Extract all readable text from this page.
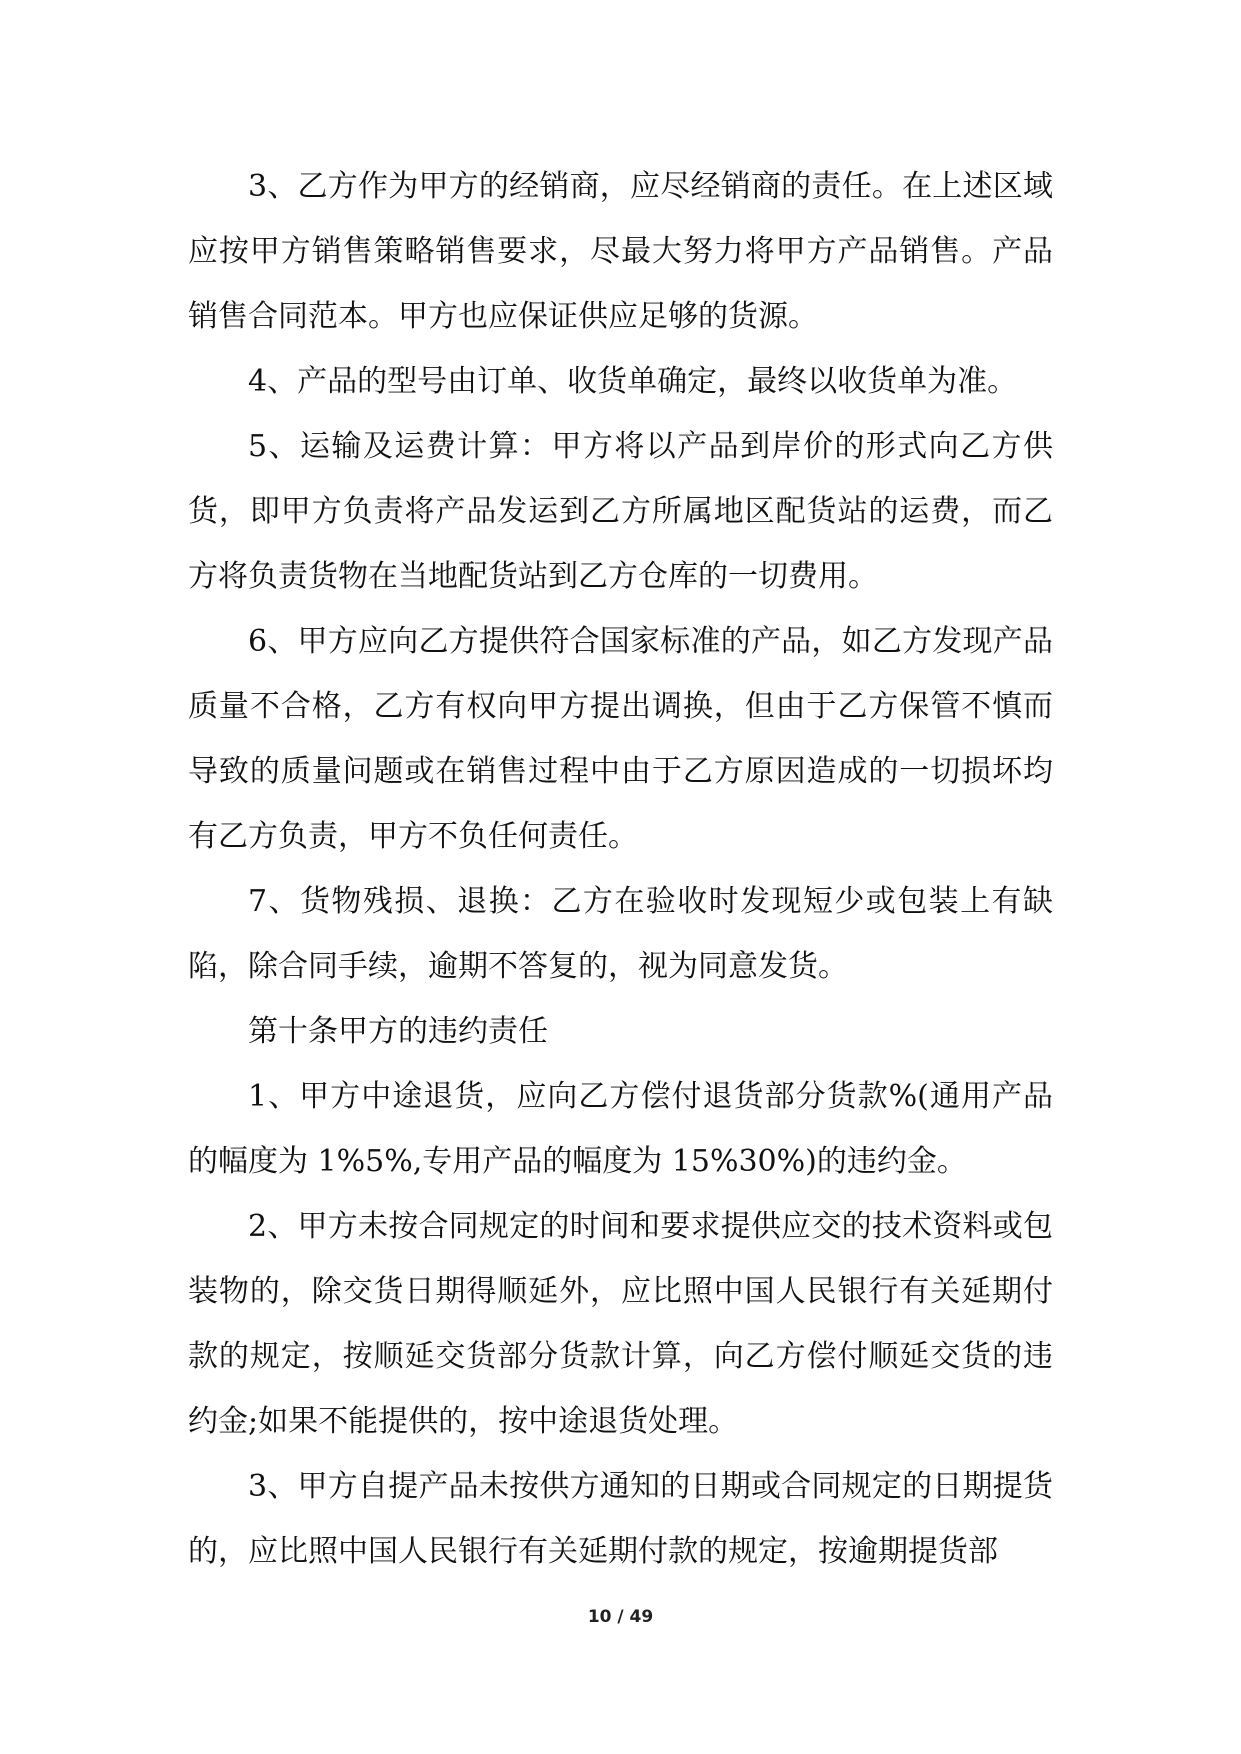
3、乙方作为甲方的经销商，应尽经销商的责任。在上述区域应按甲方销售策略销售要求，尽最大努力将甲方产品销售。产品销售合同范本。甲方也应保证供应足够的货源。

4、产品的型号由订单、收货单确定，最终以收货单为准。

5、运输及运费计算：甲方将以产品到岸价的形式向乙方供货，即甲方负责将产品发运到乙方所属地区配货站的运费，而乙方将负责货物在当地配货站到乙方仓库的一切费用。

6、甲方应向乙方提供符合国家标准的产品，如乙方发现产品质量不合格，乙方有权向甲方提出调换，但由于乙方保管不慎而导致的质量问题或在销售过程中由于乙方原因造成的一切损坏均有乙方负责，甲方不负任何责任。

7、货物残损、退换：乙方在验收时发现短少或包装上有缺陷，除合同手续，逾期不答复的，视为同意发货。

第十条甲方的违约责任

1、甲方中途退货，应向乙方偿付退货部分货款%(通用产品的幅度为 1%5%,专用产品的幅度为 15%30%)的违约金。

2、甲方未按合同规定的时间和要求提供应交的技术资料或包装物的，除交货日期得顺延外，应比照中国人民银行有关延期付款的规定，按顺延交货部分货款计算，向乙方偿付顺延交货的违约金;如果不能提供的，按中途退货处理。

3、甲方自提产品未按供方通知的日期或合同规定的日期提货的，应比照中国人民银行有关延期付款的规定，按逾期提货部

10 / 49
